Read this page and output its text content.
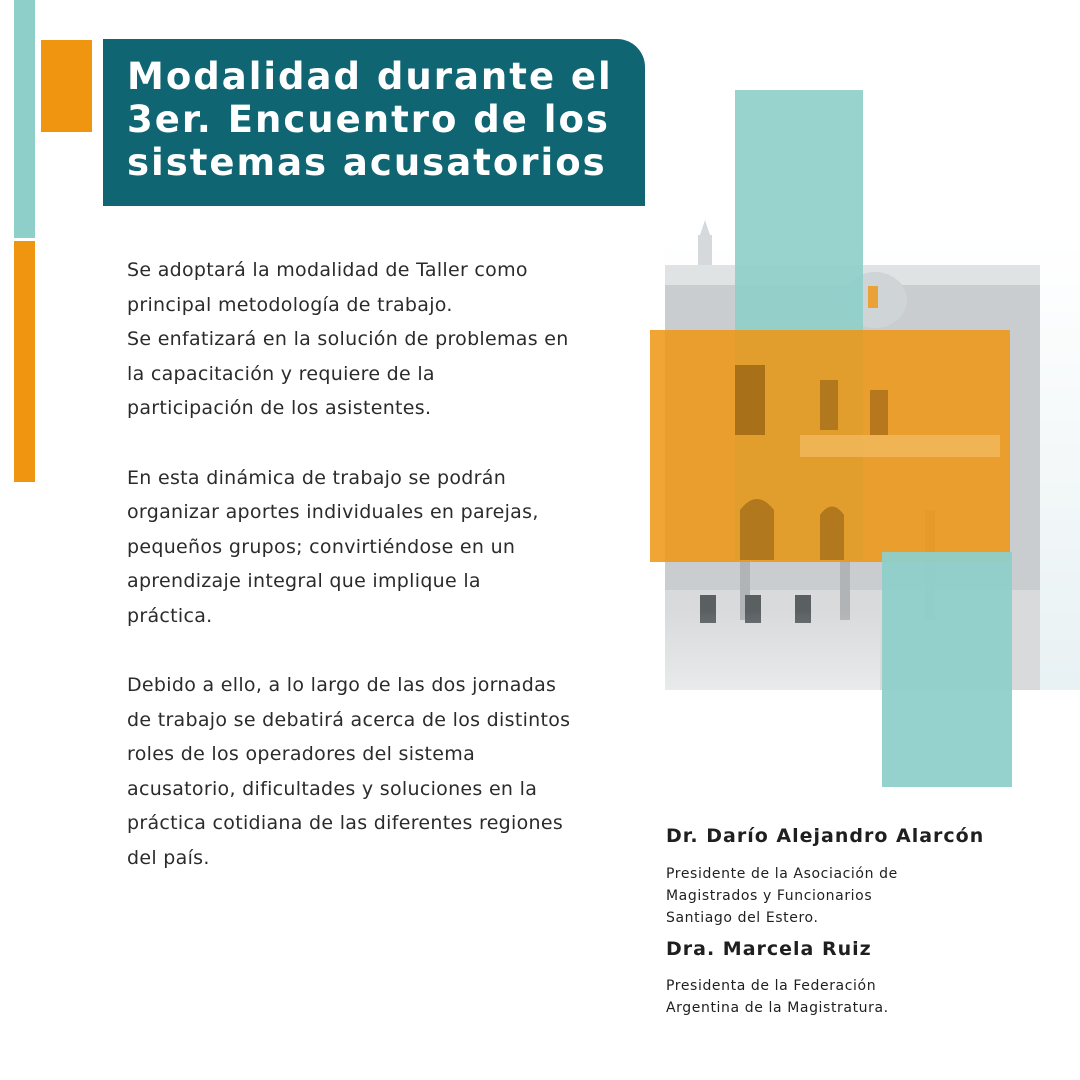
Modalidad durante el
3er. Encuentro de los
sistemas acusatorios

Se adoptará la modalidad de Taller como
principal metodología de trabajo.
Se enfatizará en la solución de problemas en
la capacitación y requiere de la
participación de los asistentes.

En esta dinámica de trabajo se podrán
organizar aportes individuales en parejas,
pequeños grupos; convirtiéndose en un
aprendizaje integral que implique la
práctica.

Debido a ello, a lo largo de las dos jornadas
de trabajo se debatirá acerca de los distintos
roles de los operadores del sistema
acusatorio, dificultades y soluciones en la
práctica cotidiana de las diferentes regiones
del país.

Dr. Darío Alejandro Alarcón

Presidente de la Asociación de

Magistrados y Funcionarios

Santiago del Estero.

Dra. Marcela Ruiz

Presidenta de la Federación

Argentina de la Magistratura.
